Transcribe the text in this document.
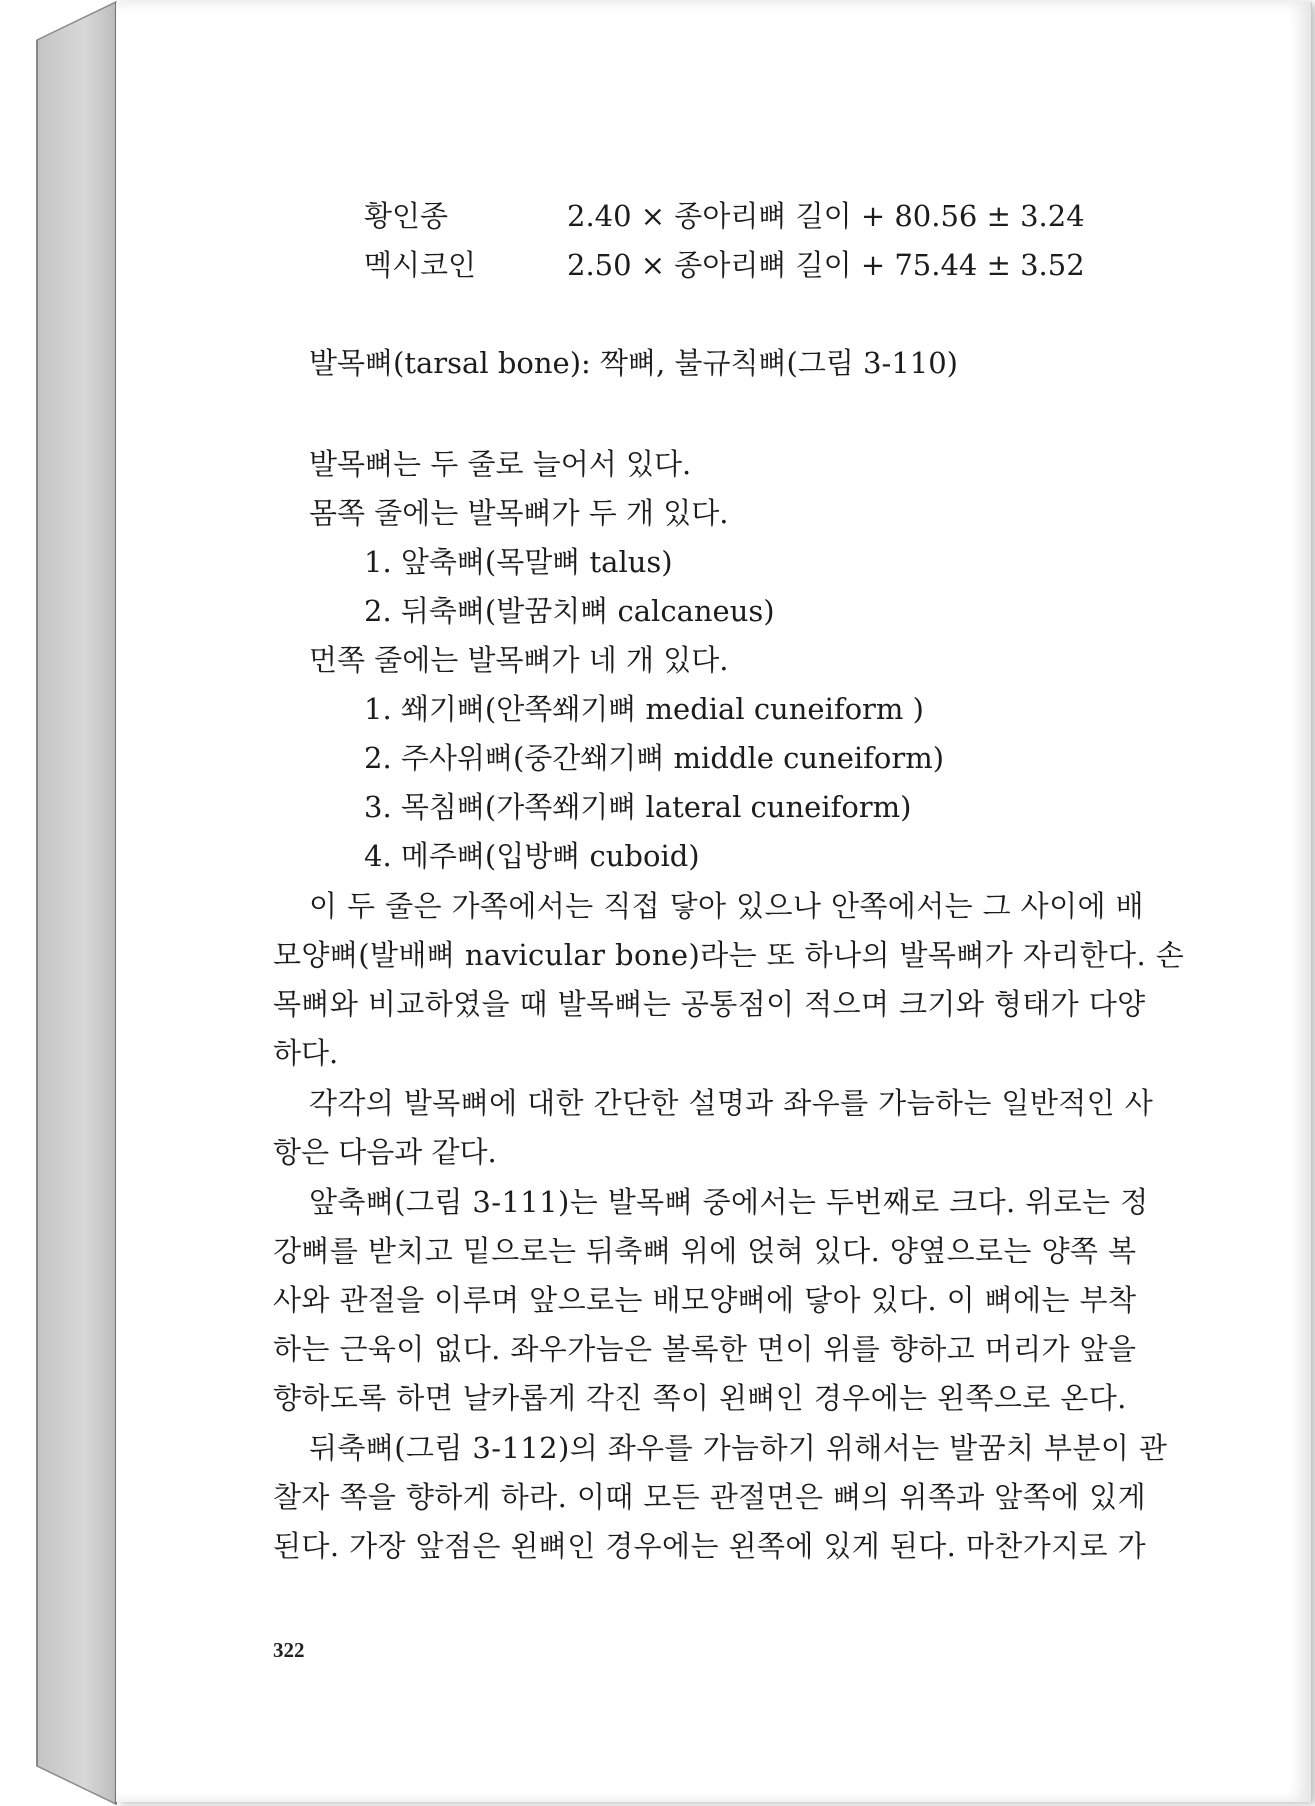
황인종	2.40 × 종아리뼈 길이 + 80.56 ± 3.24
멕시코인	2.50 × 종아리뼈 길이 + 75.44 ± 3.52
발목뼈(tarsal bone): 짝뼈, 불규칙뼈(그림 3-110)
발목뼈는 두 줄로 늘어서 있다.
몸쪽 줄에는 발목뼈가 두 개 있다.
1. 앞축뼈(목말뼈 talus)
2. 뒤축뼈(발꿈치뼈 calcaneus)
먼쪽 줄에는 발목뼈가 네 개 있다.
1. 쐐기뼈(안쪽쐐기뼈 medial cuneiform )
2. 주사위뼈(중간쐐기뼈 middle cuneiform)
3. 목침뼈(가쪽쐐기뼈 lateral cuneiform)
4. 메주뼈(입방뼈 cuboid)
이 두 줄은 가쪽에서는 직접 닿아 있으나 안쪽에서는 그 사이에 배
모양뼈(발배뼈 navicular bone)라는 또 하나의 발목뼈가 자리한다. 손
목뼈와 비교하였을 때 발목뼈는 공통점이 적으며 크기와 형태가 다양
하다.
각각의 발목뼈에 대한 간단한 설명과 좌우를 가늠하는 일반적인 사
항은 다음과 같다.
앞축뼈(그림 3-111)는 발목뼈 중에서는 두번째로 크다. 위로는 정
강뼈를 받치고 밑으로는 뒤축뼈 위에 얹혀 있다. 양옆으로는 양쪽 복
사와 관절을 이루며 앞으로는 배모양뼈에 닿아 있다. 이 뼈에는 부착
하는 근육이 없다. 좌우가늠은 볼록한 면이 위를 향하고 머리가 앞을
향하도록 하면 날카롭게 각진 쪽이 왼뼈인 경우에는 왼쪽으로 온다.
뒤축뼈(그림 3-112)의 좌우를 가늠하기 위해서는 발꿈치 부분이 관
찰자 쪽을 향하게 하라. 이때 모든 관절면은 뼈의 위쪽과 앞쪽에 있게
된다. 가장 앞점은 왼뼈인 경우에는 왼쪽에 있게 된다. 마찬가지로 가
322
